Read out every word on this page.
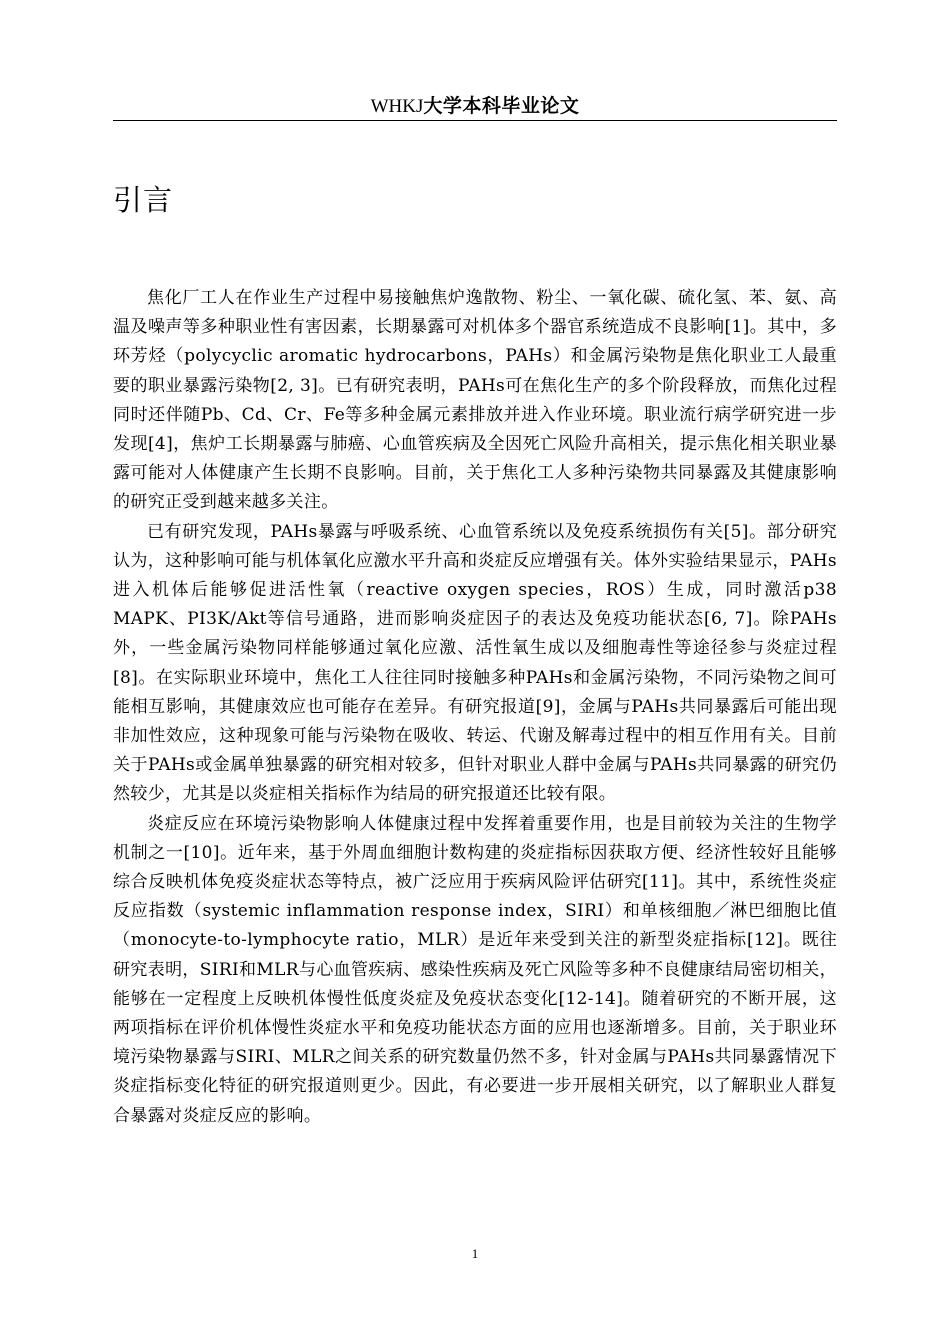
WHKJ大学本科毕业论文
引言

焦化厂工人在作业生产过程中易接触焦炉逸散物、粉尘、一氧化碳、硫化氢、苯、氨、高温及噪声等多种职业性有害因素，长期暴露可对机体多个器官系统造成不良影响[1]。其中，多环芳烃（polycyclic aromatic hydrocarbons，PAHs）和金属污染物是焦化职业工人最重要的职业暴露污染物[2, 3]。已有研究表明，PAHs可在焦化生产的多个阶段释放，而焦化过程同时还伴随Pb、Cd、Cr、Fe等多种金属元素排放并进入作业环境。职业流行病学研究进一步发现[4]，焦炉工长期暴露与肺癌、心血管疾病及全因死亡风险升高相关，提示焦化相关职业暴露可能对人体健康产生长期不良影响。目前，关于焦化工人多种污染物共同暴露及其健康影响的研究正受到越来越多关注。

已有研究发现，PAHs暴露与呼吸系统、心血管系统以及免疫系统损伤有关[5]。部分研究认为，这种影响可能与机体氧化应激水平升高和炎症反应增强有关。体外实验结果显示，PAHs进入机体后能够促进活性氧（reactive oxygen species，ROS）生成，同时激活p38 MAPK、PI3K/Akt等信号通路，进而影响炎症因子的表达及免疫功能状态[6, 7]。除PAHs外，一些金属污染物同样能够通过氧化应激、活性氧生成以及细胞毒性等途径参与炎症过程[8]。在实际职业环境中，焦化工人往往同时接触多种PAHs和金属污染物，不同污染物之间可能相互影响，其健康效应也可能存在差异。有研究报道[9]，金属与PAHs共同暴露后可能出现非加性效应，这种现象可能与污染物在吸收、转运、代谢及解毒过程中的相互作用有关。目前关于PAHs或金属单独暴露的研究相对较多，但针对职业人群中金属与PAHs共同暴露的研究仍然较少，尤其是以炎症相关指标作为结局的研究报道还比较有限。

炎症反应在环境污染物影响人体健康过程中发挥着重要作用，也是目前较为关注的生物学机制之一[10]。近年来，基于外周血细胞计数构建的炎症指标因获取方便、经济性较好且能够综合反映机体免疫炎症状态等特点，被广泛应用于疾病风险评估研究[11]。其中，系统性炎症反应指数（systemic inflammation response index，SIRI）和单核细胞／淋巴细胞比值（monocyte-to-lymphocyte ratio，MLR）是近年来受到关注的新型炎症指标[12]。既往研究表明，SIRI和MLR与心血管疾病、感染性疾病及死亡风险等多种不良健康结局密切相关，能够在一定程度上反映机体慢性低度炎症及免疫状态变化[12-14]。随着研究的不断开展，这两项指标在评价机体慢性炎症水平和免疫功能状态方面的应用也逐渐增多。目前，关于职业环境污染物暴露与SIRI、MLR之间关系的研究数量仍然不多，针对金属与PAHs共同暴露情况下炎症指标变化特征的研究报道则更少。因此，有必要进一步开展相关研究，以了解职业人群复合暴露对炎症反应的影响。

1
